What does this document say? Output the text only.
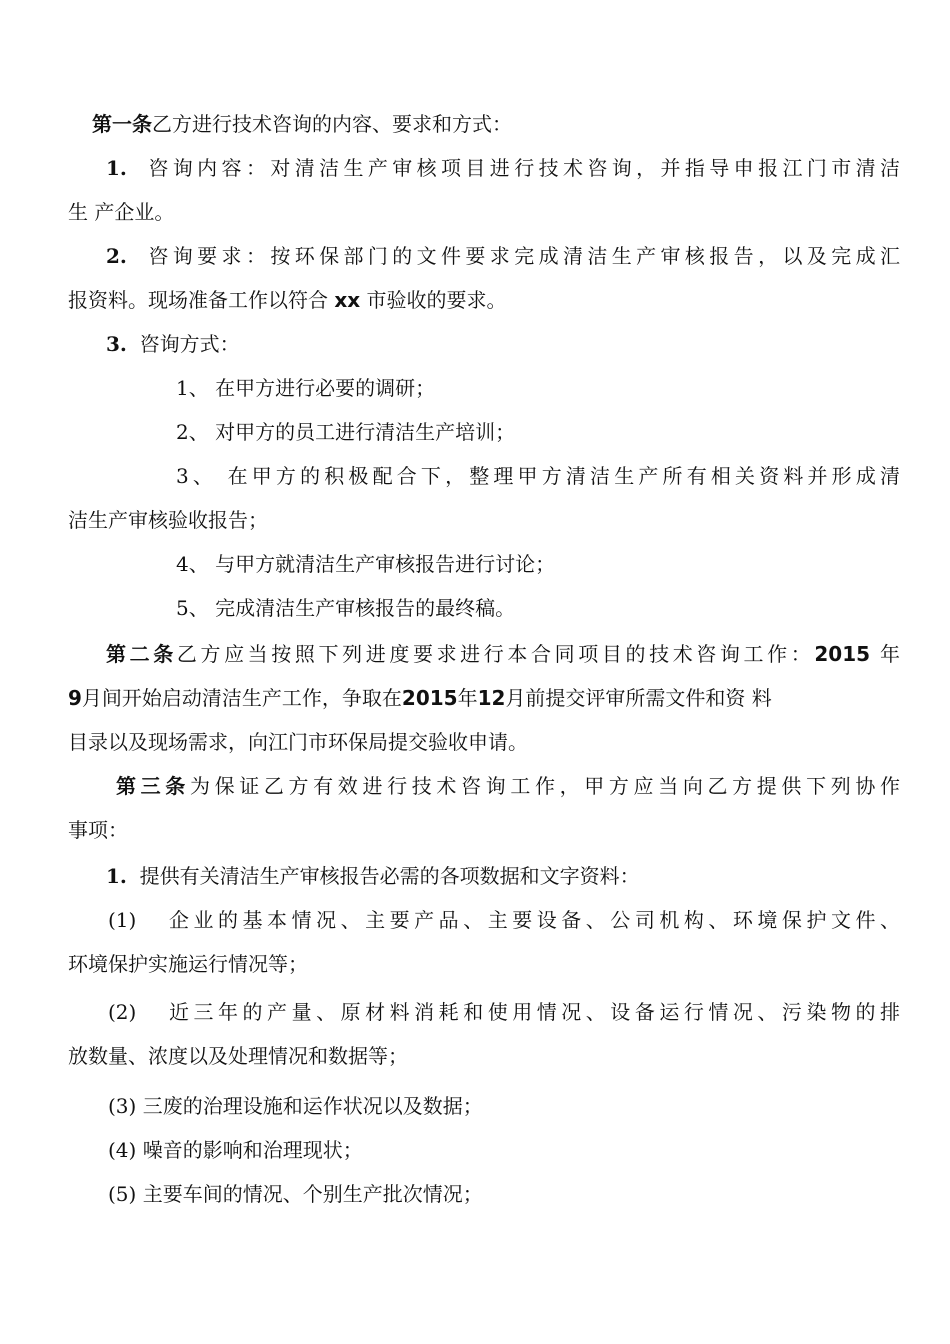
第一条乙方进行技术咨询的内容、要求和方式：
1. 咨询内容：对清洁生产审核项目进行技术咨询，并指导申报江门市清洁
生 产企业。
2. 咨询要求：按环保部门的文件要求完成清洁生产审核报告，以及完成汇
报资料。现场准备工作以符合 xx 市验收的要求。
3. 咨询方式：
1、 在甲方进行必要的调研；
2、 对甲方的员工进行清洁生产培训；
3、 在甲方的积极配合下，整理甲方清洁生产所有相关资料并形成清
洁生产审核验收报告；
4、 与甲方就清洁生产审核报告进行讨论；
5、 完成清洁生产审核报告的最终稿。
第二条乙方应当按照下列进度要求进行本合同项目的技术咨询工作：2015 年
9月间开始启动清洁生产工作，争取在2015年12月前提交评审所需文件和资 料
目录以及现场需求，向江门市环保局提交验收申请。
第三条为保证乙方有效进行技术咨询工作，甲方应当向乙方提供下列协作
事项：
1. 提供有关清洁生产审核报告必需的各项数据和文字资料：
(1) 企业的基本情况、主要产品、主要设备、公司机构、环境保护文件、
环境保护实施运行情况等；
(2) 近三年的产量、原材料消耗和使用情况、设备运行情况、污染物的排
放数量、浓度以及处理情况和数据等；
(3) 三废的治理设施和运作状况以及数据；
(4) 噪音的影响和治理现状；
(5) 主要车间的情况、个别生产批次情况；
